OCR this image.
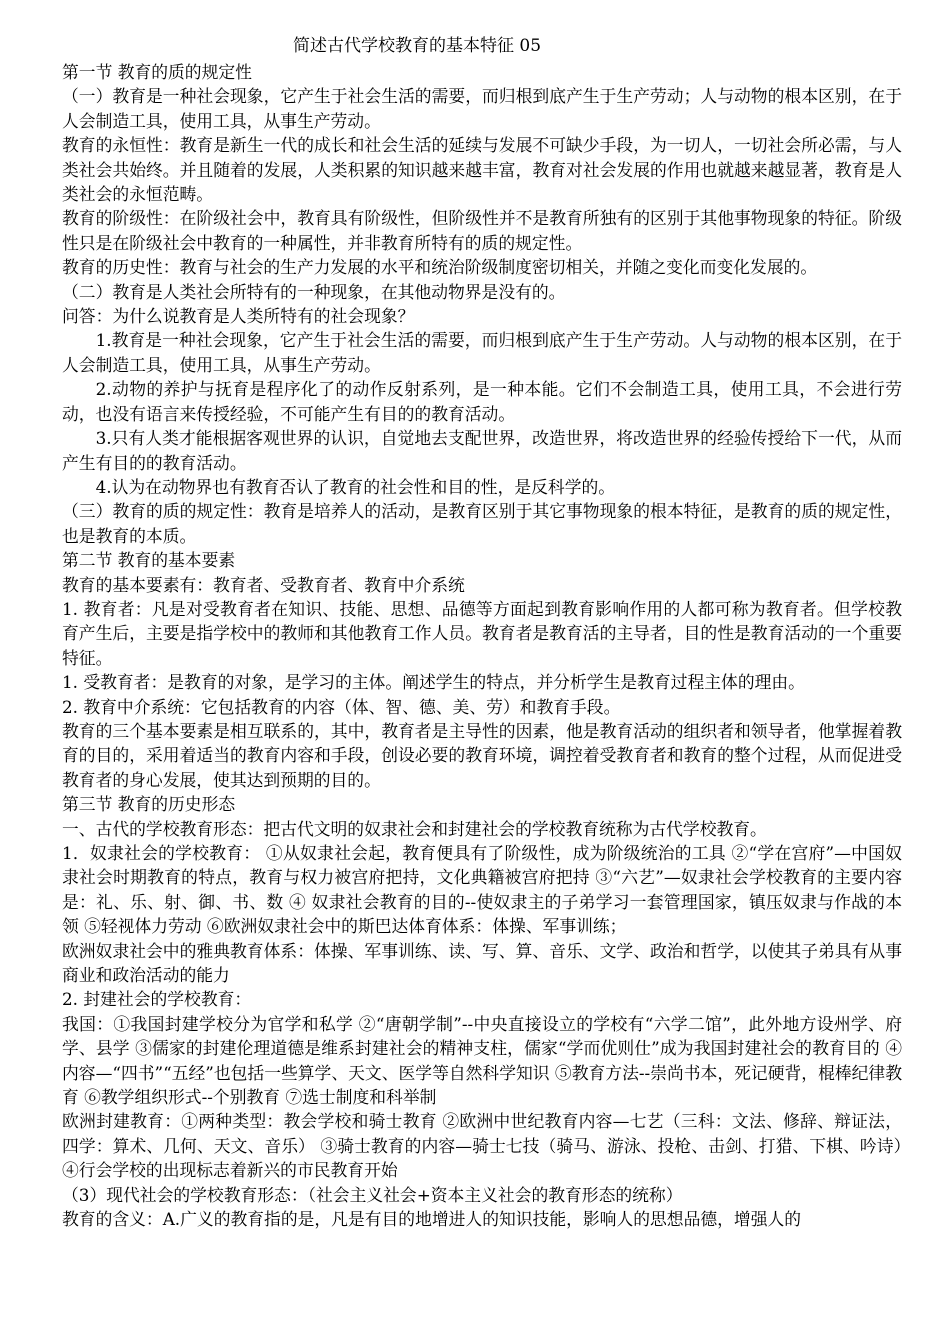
简述古代学校教育的基本特征 05

第一节 教育的质的规定性

（一）教育是一种社会现象，它产生于社会生活的需要，而归根到底产生于生产劳动；人与动物的根本区别，在于人会制造工具，使用工具，从事生产劳动。

教育的永恒性：教育是新生一代的成长和社会生活的延续与发展不可缺少手段，为一切人，一切社会所必需，与人类社会共始终。并且随着的发展，人类积累的知识越来越丰富，教育对社会发展的作用也就越来越显著，教育是人类社会的永恒范畴。

教育的阶级性：在阶级社会中，教育具有阶级性，但阶级性并不是教育所独有的区别于其他事物现象的特征。阶级性只是在阶级社会中教育的一种属性，并非教育所特有的质的规定性。

教育的历史性：教育与社会的生产力发展的水平和统治阶级制度密切相关，并随之变化而变化发展的。

（二）教育是人类社会所特有的一种现象，在其他动物界是没有的。

问答：为什么说教育是人类所特有的社会现象？

1.教育是一种社会现象，它产生于社会生活的需要，而归根到底产生于生产劳动。人与动物的根本区别，在于人会制造工具，使用工具，从事生产劳动。

2.动物的养护与抚育是程序化了的动作反射系列，是一种本能。它们不会制造工具，使用工具，不会进行劳动，也没有语言来传授经验，不可能产生有目的的教育活动。

3.只有人类才能根据客观世界的认识，自觉地去支配世界，改造世界，将改造世界的经验传授给下一代，从而产生有目的的教育活动。

4.认为在动物界也有教育否认了教育的社会性和目的性，是反科学的。

（三）教育的质的规定性：教育是培养人的活动，是教育区别于其它事物现象的根本特征，是教育的质的规定性，也是教育的本质。

第二节 教育的基本要素

教育的基本要素有：教育者、受教育者、教育中介系统

1. 教育者：凡是对受教育者在知识、技能、思想、品德等方面起到教育影响作用的人都可称为教育者。但学校教育产生后，主要是指学校中的教师和其他教育工作人员。教育者是教育活的主导者，目的性是教育活动的一个重要特征。

1. 受教育者：是教育的对象，是学习的主体。阐述学生的特点，并分析学生是教育过程主体的理由。

2. 教育中介系统：它包括教育的内容（体、智、德、美、劳）和教育手段。

教育的三个基本要素是相互联系的，其中，教育者是主导性的因素，他是教育活动的组织者和领导者，他掌握着教育的目的，采用着适当的教育内容和手段，创设必要的教育环境，调控着受教育者和教育的整个过程，从而促进受教育者的身心发展，使其达到预期的目的。

第三节 教育的历史形态

一、古代的学校教育形态：把古代文明的奴隶社会和封建社会的学校教育统称为古代学校教育。

1．奴隶社会的学校教育： ①从奴隶社会起，教育便具有了阶级性，成为阶级统治的工具 ②“学在宫府”—中国奴隶社会时期教育的特点，教育与权力被宫府把持，文化典籍被宫府把持 ③“六艺”—奴隶社会学校教育的主要内容是：礼、乐、射、御、书、数 ④ 奴隶社会教育的目的--使奴隶主的子弟学习一套管理国家，镇压奴隶与作战的本领 ⑤轻视体力劳动 ⑥欧洲奴隶社会中的斯巴达体育体系：体操、军事训练；

欧洲奴隶社会中的雅典教育体系：体操、军事训练、读、写、算、音乐、文学、政治和哲学，以使其子弟具有从事商业和政治活动的能力

2. 封建社会的学校教育：

我国：①我国封建学校分为官学和私学 ②“唐朝学制”--中央直接设立的学校有“六学二馆”，此外地方设州学、府学、县学 ③儒家的封建伦理道德是维系封建社会的精神支柱，儒家“学而优则仕”成为我国封建社会的教育目的 ④内容—“四书”“五经”也包括一些算学、天文、医学等自然科学知识 ⑤教育方法--崇尚书本，死记硬背，棍棒纪律教育 ⑥教学组织形式--个别教育 ⑦选士制度和科举制

欧洲封建教育：①两种类型：教会学校和骑士教育 ②欧洲中世纪教育内容—七艺（三科：文法、修辞、辩证法，四学：算术、几何、天文、音乐） ③骑士教育的内容—骑士七技（骑马、游泳、投枪、击剑、打猎、下棋、吟诗）④行会学校的出现标志着新兴的市民教育开始

（3）现代社会的学校教育形态：（社会主义社会+资本主义社会的教育形态的统称）

教育的含义：A.广义的教育指的是，凡是有目的地增进人的知识技能，影响人的思想品德，增强人的
